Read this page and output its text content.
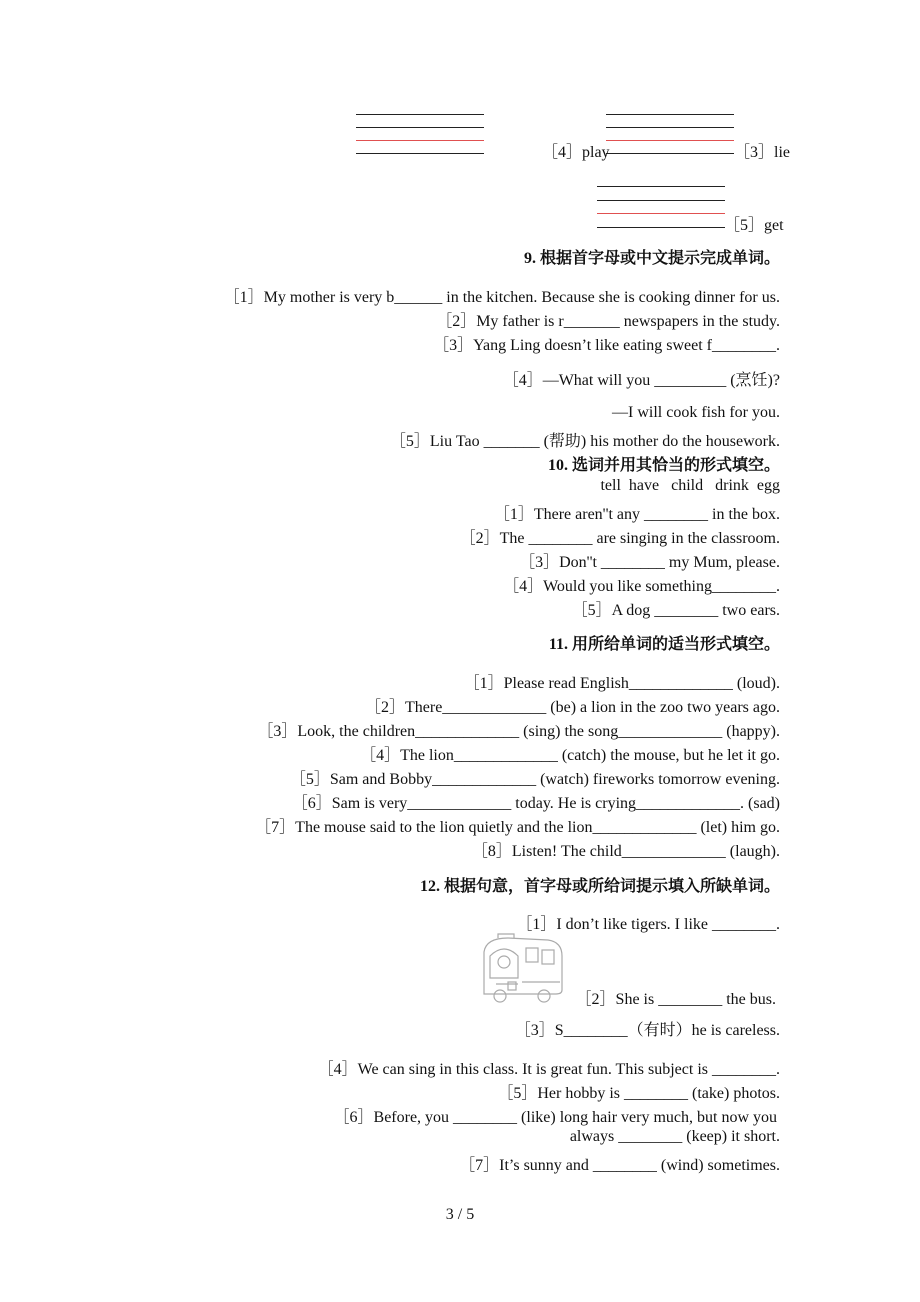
［4］play	［3］lie
［5］get
9. 根据首字母或中文提示完成单词。
［1］My mother is very b______ in the kitchen. Because she is cooking dinner for us.
［2］My father is r_______ newspapers in the study.
［3］Yang Ling doesn’t like eating sweet f________.
［4］—What will you _________ (烹饪)?
—I will cook fish for you.
［5］Liu Tao _______ (帮助) his mother do the housework.
10. 选词并用其恰当的形式填空。
tell  have   child   drink  egg
［1］There aren''t any ________ in the box.
［2］The ________ are singing in the classroom.
［3］Don''t ________ my Mum, please.
［4］Would you like something________.
［5］A dog ________ two ears.
11. 用所给单词的适当形式填空。
［1］Please read English_____________ (loud).
［2］There_____________ (be) a lion in the zoo two years ago.
［3］Look, the children_____________ (sing) the song_____________ (happy).
［4］The lion_____________ (catch) the mouse, but he let it go.
［5］Sam and Bobby_____________ (watch) fireworks tomorrow evening.
［6］Sam is very_____________ today. He is crying_____________. (sad)
［7］The mouse said to the lion quietly and the lion_____________ (let) him go.
［8］Listen! The child_____________ (laugh).
12. 根据句意，首字母或所给词提示填入所缺单词。
［1］I don’t like tigers. I like ________.
［2］She is ________ the bus.
［3］S________（有时）he is careless.
［4］We can sing in this class. It is great fun. This subject is ________.
［5］Her hobby is ________ (take) photos.
［6］Before, you ________ (like) long hair very much, but now you
always ________ (keep) it short.
［7］It’s sunny and ________ (wind) sometimes.
3 / 5
